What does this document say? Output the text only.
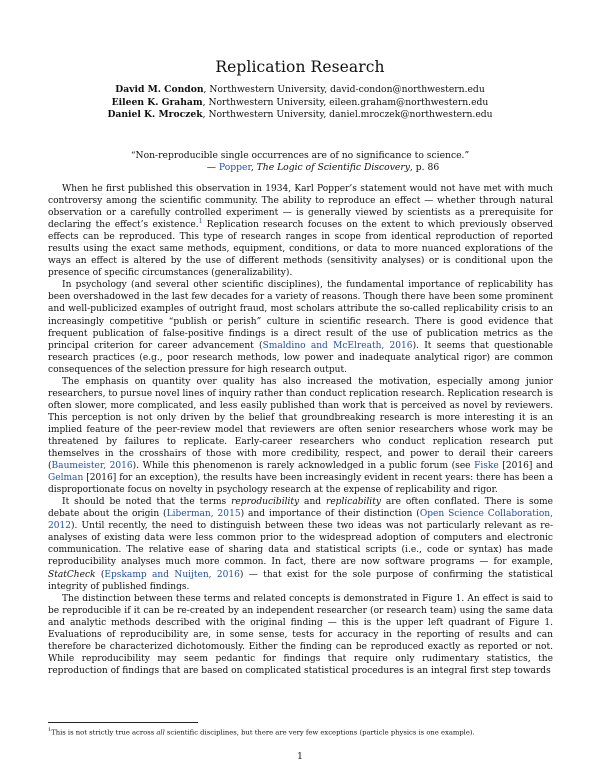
Replication Research
David M. Condon, Northwestern University, david-condon@northwestern.edu
Eileen K. Graham, Northwestern University, eileen.graham@northwestern.edu
Daniel K. Mroczek, Northwestern University, daniel.mroczek@northwestern.edu
“Non-reproducible single occurrences are of no significance to science.”
— Popper, The Logic of Scientific Discovery, p. 86

When he first published this observation in 1934, Karl Popper’s statement would not have met with much controversy among the scientific community. The ability to reproduce an effect — whether through natural observation or a carefully controlled experiment — is generally viewed by scientists as a prerequisite for declaring the effect’s existence.$^1$ Replication research focuses on the extent to which previously observed effects can be reproduced. This type of research ranges in scope from identical reproduction of reported results using the exact same methods, equipment, conditions, or data to more nuanced explorations of the ways an effect is altered by the use of different methods (sensitivity analyses) or is conditional upon the presence of specific circumstances (generalizability).

In psychology (and several other scientific disciplines), the fundamental importance of replicability has been overshadowed in the last few decades for a variety of reasons. Though there have been some prominent and well-publicized examples of outright fraud, most scholars attribute the so-called replicability crisis to an increasingly competitive “publish or perish” culture in scientific research. There is good evidence that frequent publication of false-positive findings is a direct result of the use of publication metrics as the principal criterion for career advancement (Smaldino and McElreath, 2016). It seems that questionable research practices (e.g., poor research methods, low power and inadequate analytical rigor) are common consequences of the selection pressure for high research output.

The emphasis on quantity over quality has also increased the motivation, especially among junior researchers, to pursue novel lines of inquiry rather than conduct replication research. Replication research is often slower, more complicated, and less easily published than work that is perceived as novel by reviewers. This perception is not only driven by the belief that groundbreaking research is more interesting it is an implied feature of the peer-review model that reviewers are often senior researchers whose work may be threatened by failures to replicate. Early-career researchers who conduct replication research put themselves in the crosshairs of those with more credibility, respect, and power to derail their careers (Baumeister, 2016). While this phenomenon is rarely acknowledged in a public forum (see Fiske [2016] and Gelman [2016] for an exception), the results have been increasingly evident in recent years: there has been a disproportionate focus on novelty in psychology research at the expense of replicability and rigor.

It should be noted that the terms reproducibility and replicability are often conflated. There is some debate about the origin (Liberman, 2015) and importance of their distinction (Open Science Collaboration, 2012). Until recently, the need to distinguish between these two ideas was not particularly relevant as re-analyses of existing data were less common prior to the widespread adoption of computers and electronic communication. The relative ease of sharing data and statistical scripts (i.e., code or syntax) has made reproducibility analyses much more common. In fact, there are now software programs — for example, StatCheck (Epskamp and Nuijten, 2016) — that exist for the sole purpose of confirming the statistical integrity of published findings.

The distinction between these terms and related concepts is demonstrated in Figure 1. An effect is said to be reproducible if it can be re-created by an independent researcher (or research team) using the same data and analytic methods described with the original finding — this is the upper left quadrant of Figure 1. Evaluations of reproducibility are, in some sense, tests for accuracy in the reporting of results and can therefore be characterized dichotomously. Either the finding can be reproduced exactly as reported or not. While reproducibility may seem pedantic for findings that require only rudimentary statistics, the reproduction of findings that are based on complicated statistical procedures is an integral first step towards

$^1$This is not strictly true across all scientific disciplines, but there are very few exceptions (particle physics is one example).
1
